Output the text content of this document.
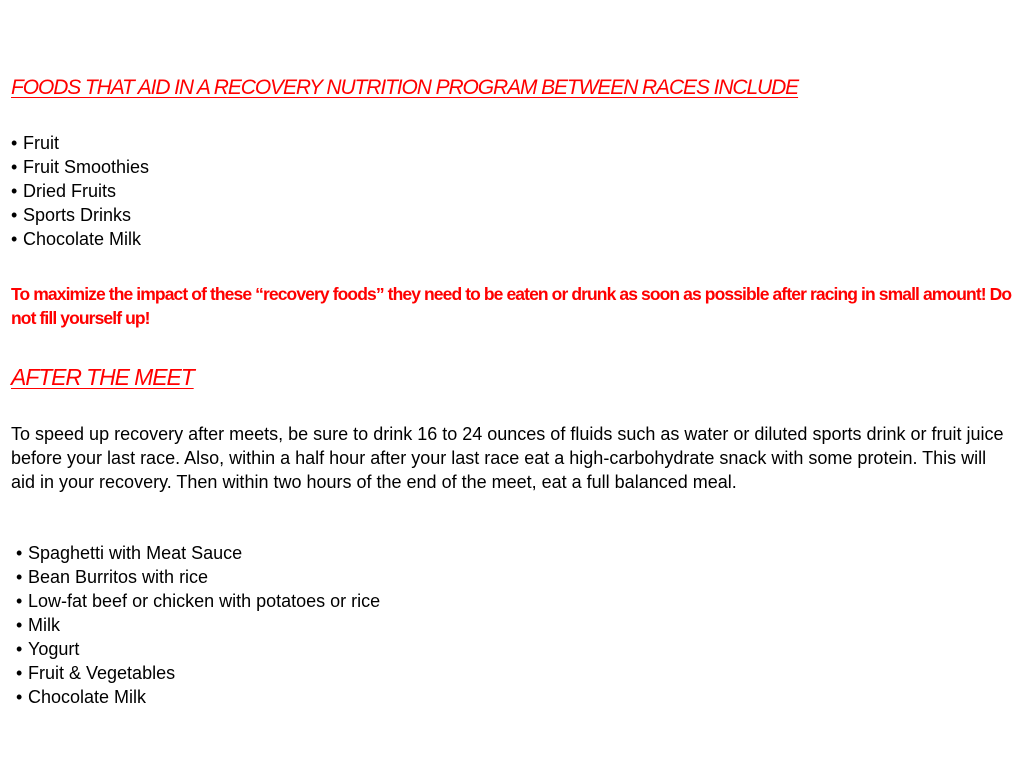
FOODS THAT AID IN A RECOVERY NUTRITION PROGRAM BETWEEN RACES INCLUDE
• Fruit
• Fruit Smoothies
• Dried Fruits
• Sports Drinks
• Chocolate Milk

To maximize the impact of these “recovery foods” they need to be eaten or drunk as soon as possible after racing in small amount! Do not fill yourself up!

AFTER THE MEET

To speed up recovery after meets, be sure to drink 16 to 24 ounces of fluids such as water or diluted sports drink or fruit juice before your last race. Also, within a half hour after your last race eat a high-carbohydrate snack with some protein. This will aid in your recovery. Then within two hours of the end of the meet, eat a full balanced meal.

• Spaghetti with Meat Sauce
• Bean Burritos with rice
• Low-fat beef or chicken with potatoes or rice
• Milk
• Yogurt
• Fruit & Vegetables
• Chocolate Milk
